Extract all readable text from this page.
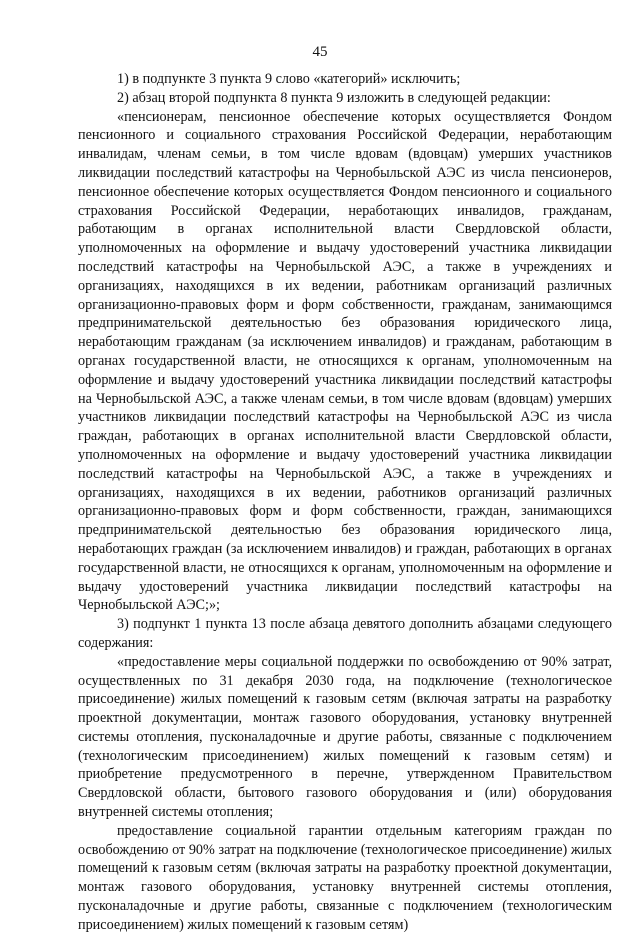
45

1) в подпункте 3 пункта 9 слово «категорий» исключить;

2) абзац второй подпункта 8 пункта 9 изложить в следующей редакции:

«пенсионерам, пенсионное обеспечение которых осуществляется Фондом пенсионного и социального страхования Российской Федерации, неработающим инвалидам, членам семьи, в том числе вдовам (вдовцам) умерших участников ликвидации последствий катастрофы на Чернобыльской АЭС из числа пенсионеров, пенсионное обеспечение которых осуществляется Фондом пенсионного и социального страхования Российской Федерации, неработающих инвалидов, гражданам, работающим в органах исполнительной власти Свердловской области, уполномоченных на оформление и выдачу удостоверений участника ликвидации последствий катастрофы на Чернобыльской АЭС, а также в учреждениях и организациях, находящихся в их ведении, работникам организаций различных организационно-правовых форм и форм собственности, гражданам, занимающимся предпринимательской деятельностью без образования юридического лица, неработающим гражданам (за исключением инвалидов) и гражданам, работающим в органах государственной власти, не относящихся к органам, уполномоченным на оформление и выдачу удостоверений участника ликвидации последствий катастрофы на Чернобыльской АЭС, а также членам семьи, в том числе вдовам (вдовцам) умерших участников ликвидации последствий катастрофы на Чернобыльской АЭС из числа граждан, работающих в органах исполнительной власти Свердловской области, уполномоченных на оформление и выдачу удостоверений участника ликвидации последствий катастрофы на Чернобыльской АЭС, а также в учреждениях и организациях, находящихся в их ведении, работников организаций различных организационно-правовых форм и форм собственности, граждан, занимающихся предпринимательской деятельностью без образования юридического лица, неработающих граждан (за исключением инвалидов) и граждан, работающих в органах государственной власти, не относящихся к органам, уполномоченным на оформление и выдачу удостоверений участника ликвидации последствий катастрофы на Чернобыльской АЭС;»;

3) подпункт 1 пункта 13 после абзаца девятого дополнить абзацами следующего содержания:

«предоставление меры социальной поддержки по освобождению от 90% затрат, осуществленных по 31 декабря 2030 года, на подключение (технологическое присоединение) жилых помещений к газовым сетям (включая затраты на разработку проектной документации, монтаж газового оборудования, установку внутренней системы отопления, пусконаладочные и другие работы, связанные с подключением (технологическим присоединением) жилых помещений к газовым сетям) и приобретение предусмотренного в перечне, утвержденном Правительством Свердловской области, бытового газового оборудования и (или) оборудования внутренней системы отопления;

предоставление социальной гарантии отдельным категориям граждан по освобождению от 90% затрат на подключение (технологическое присоединение) жилых помещений к газовым сетям (включая затраты на разработку проектной документации, монтаж газового оборудования, установку внутренней системы отопления, пусконаладочные и другие работы, связанные с подключением (технологическим присоединением) жилых помещений к газовым сетям)
